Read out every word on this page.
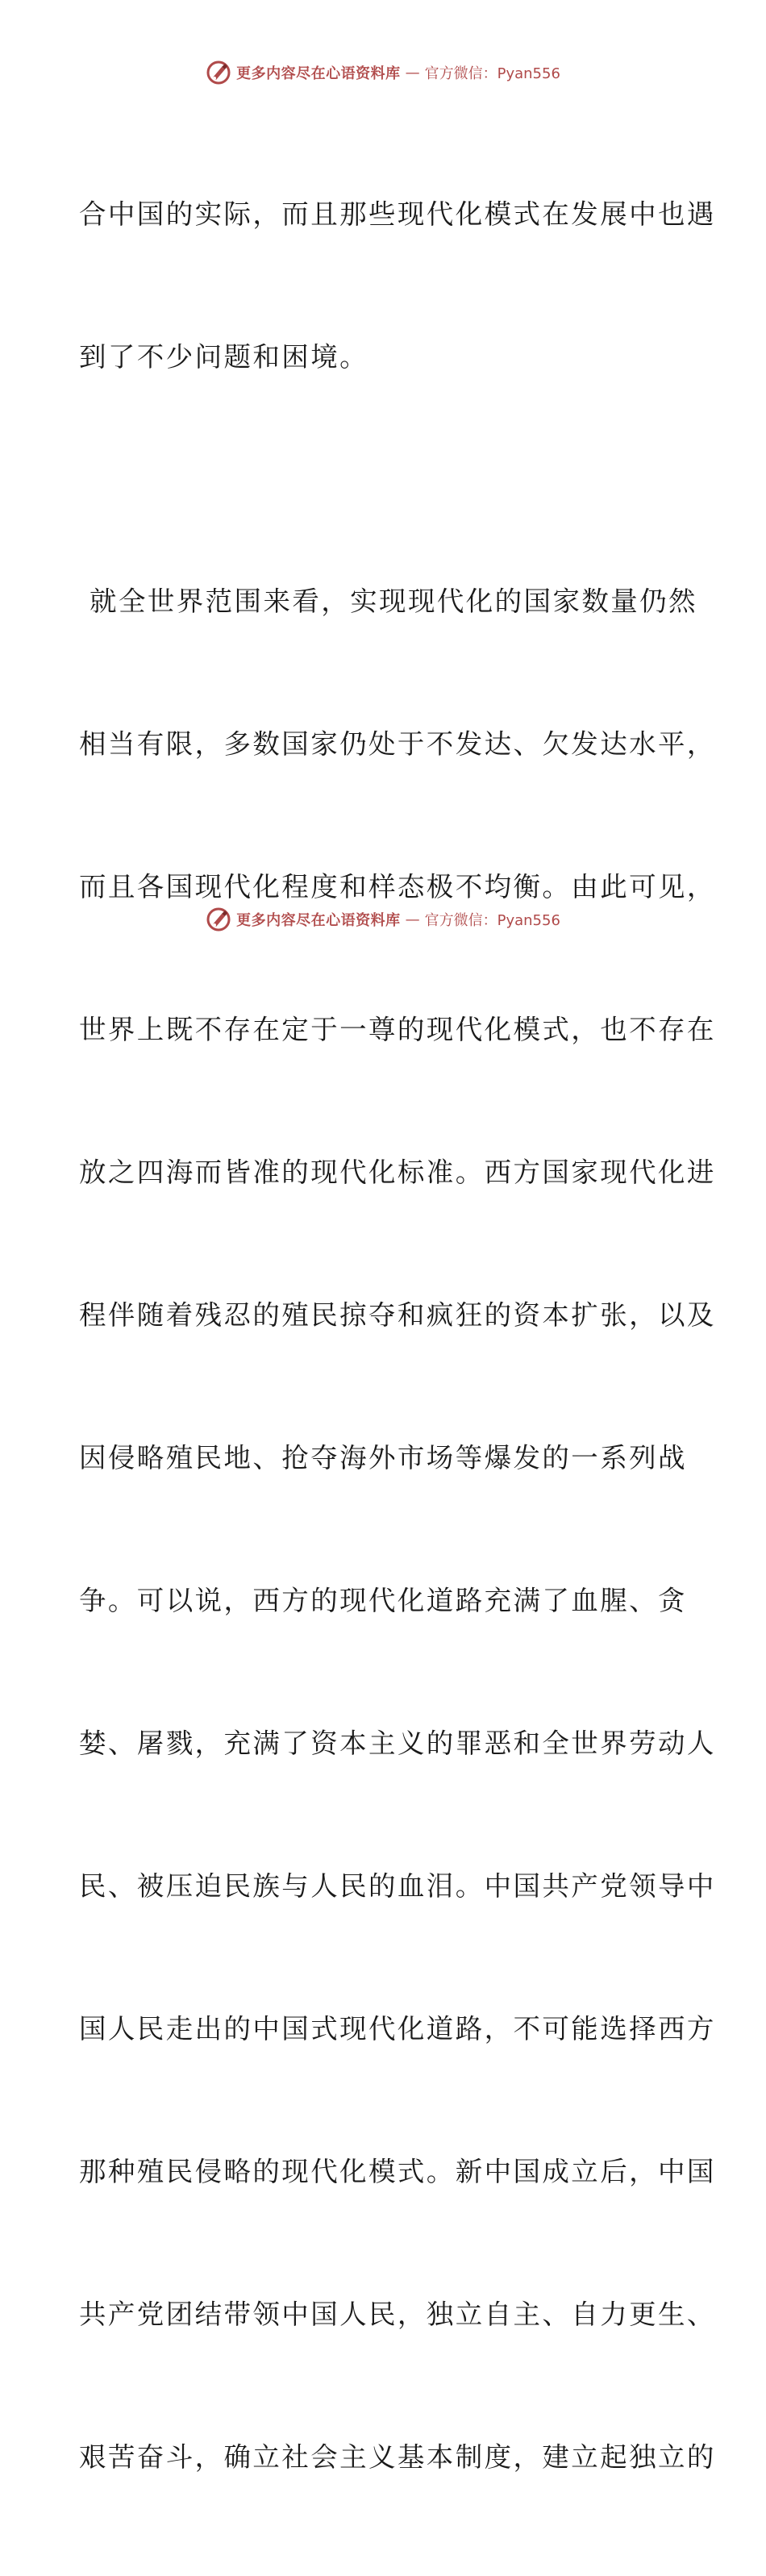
更多内容尽在心语资料库 — 官方微信：Pyan556

合中国的实际，而且那些现代化模式在发展中也遇

到了不少问题和困境。

就全世界范围来看，实现现代化的国家数量仍然

相当有限，多数国家仍处于不发达、欠发达水平，

而且各国现代化程度和样态极不均衡。由此可见，

世界上既不存在定于一尊的现代化模式，也不存在

放之四海而皆准的现代化标准。西方国家现代化进

程伴随着残忍的殖民掠夺和疯狂的资本扩张，以及

因侵略殖民地、抢夺海外市场等爆发的一系列战

争。可以说，西方的现代化道路充满了血腥、贪

婪、屠戮，充满了资本主义的罪恶和全世界劳动人

民、被压迫民族与人民的血泪。中国共产党领导中

国人民走出的中国式现代化道路，不可能选择西方

那种殖民侵略的现代化模式。新中国成立后，中国

共产党团结带领中国人民，独立自主、自力更生、

艰苦奋斗，确立社会主义基本制度，建立起独立的

更多内容尽在心语资料库 — 官方微信：Pyan556
